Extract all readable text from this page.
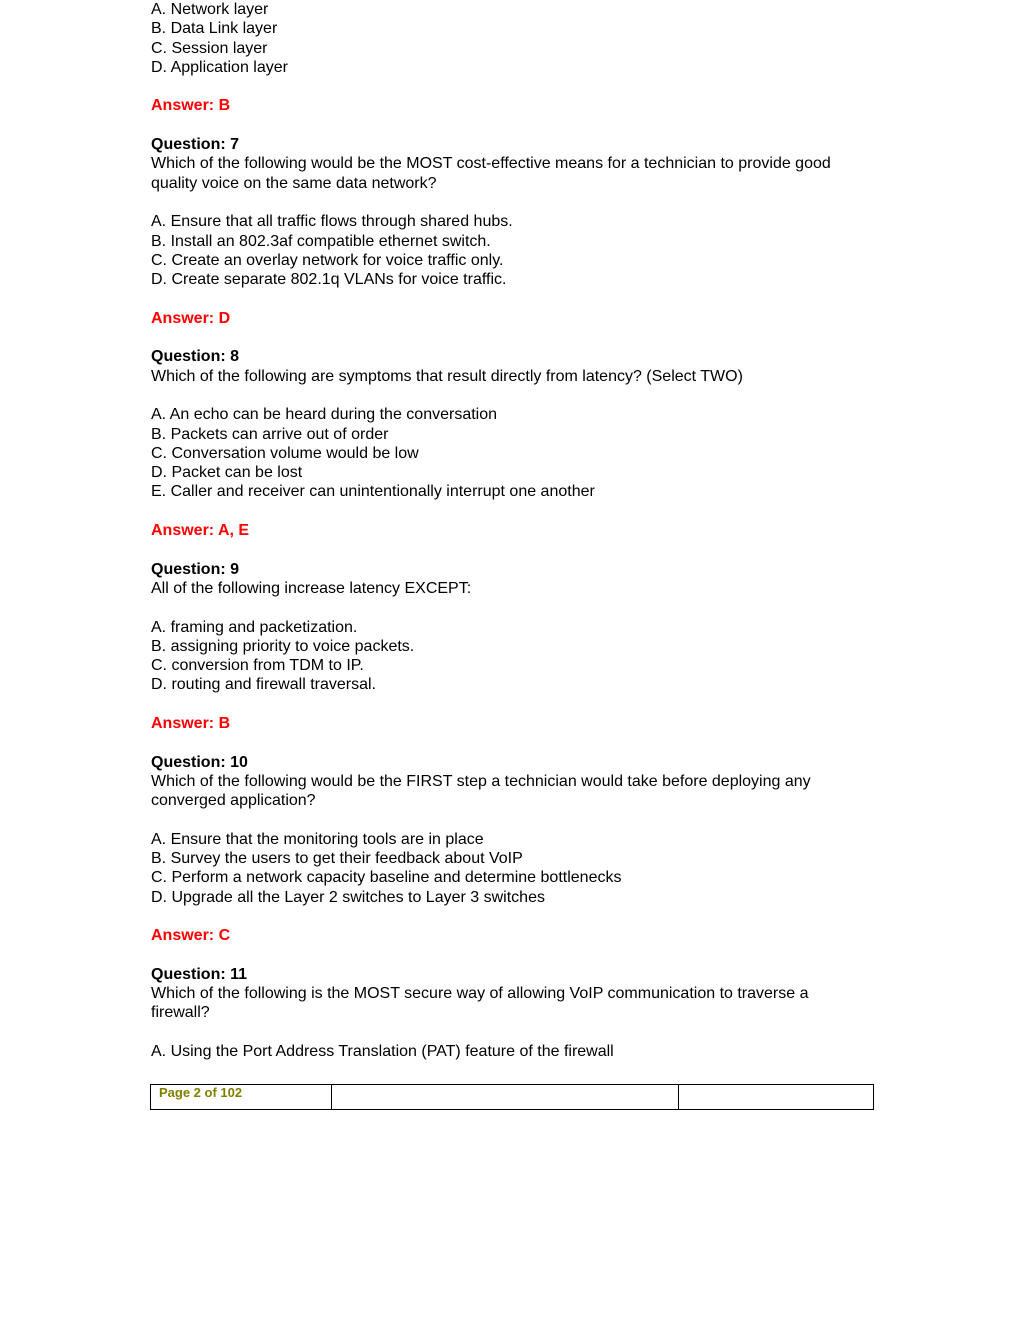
A. Network layer
B. Data Link layer
C. Session layer
D. Application layer
Answer: B
Question: 7
Which of the following would be the MOST cost-effective means for a technician to provide good
quality voice on the same data network?
A. Ensure that all traffic flows through shared hubs.
B. Install an 802.3af compatible ethernet switch.
C. Create an overlay network for voice traffic only.
D. Create separate 802.1q VLANs for voice traffic.
Answer: D
Question: 8
Which of the following are symptoms that result directly from latency? (Select TWO)
A. An echo can be heard during the conversation
B. Packets can arrive out of order
C. Conversation volume would be low
D. Packet can be lost
E. Caller and receiver can unintentionally interrupt one another
Answer: A, E
Question: 9
All of the following increase latency EXCEPT:
A. framing and packetization.
B. assigning priority to voice packets.
C. conversion from TDM to IP.
D. routing and firewall traversal.
Answer: B
Question: 10
Which of the following would be the FIRST step a technician would take before deploying any
converged application?
A. Ensure that the monitoring tools are in place
B. Survey the users to get their feedback about VoIP
C. Perform a network capacity baseline and determine bottlenecks
D. Upgrade all the Layer 2 switches to Layer 3 switches
Answer: C
Question: 11
Which of the following is the MOST secure way of allowing VoIP communication to traverse a
firewall?
A. Using the Port Address Translation (PAT) feature of the firewall
Page 2 of 102		
